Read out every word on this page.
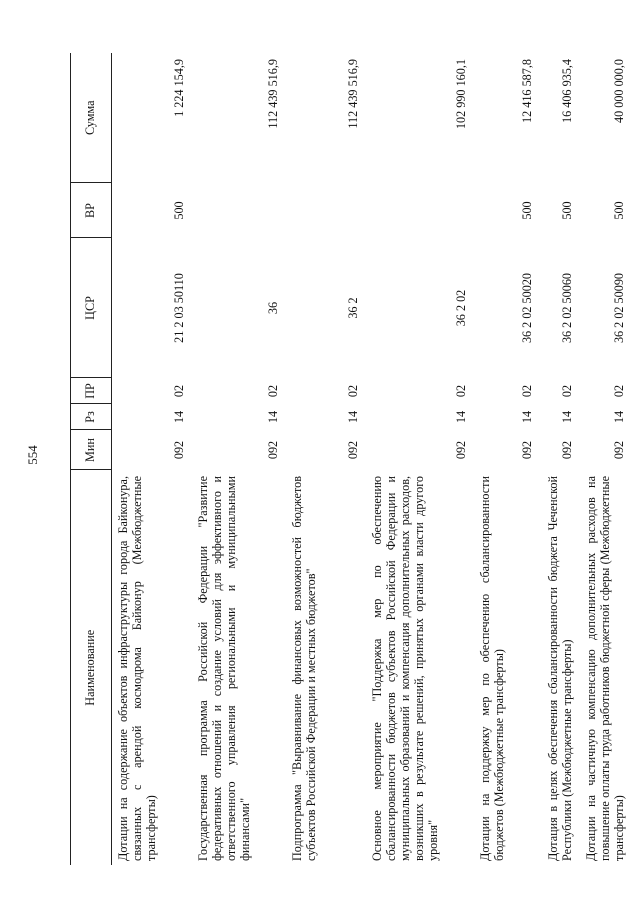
554
Наименование	Мин	Рз	ПР	ЦСР	ВР	Сумма
Дотации на содержание объектов инфраструктуры города Байконура, связанных с арендой космодрома Байконур (Межбюджетные трансферты)	092	14	02	21 2 03 50110	500	1 224 154,9
Государственная программа Российской Федерации "Развитие федеративных отношений и создание условий для эффективного и ответственного управления региональными и муниципальными финансами"	092	14	02	36		112 439 516,9
Подпрограмма "Выравнивание финансовых возможностей бюджетов субъектов Российской Федерации и местных бюджетов"	092	14	02	36 2		112 439 516,9
Основное мероприятие "Поддержка мер по обеспечению сбалансированности бюджетов субъектов Российской Федерации и муниципальных образований и компенсация дополнительных расходов, возникших в результате решений, принятых органами власти другого уровня"	092	14	02	36 2 02		102 990 160,1
Дотации на поддержку мер по обеспечению сбалансированности бюджетов (Межбюджетные трансферты)	092	14	02	36 2 02 50020	500	12 416 587,8
Дотация в целях обеспечения сбалансированности бюджета Чеченской Республики (Межбюджетные трансферты)	092	14	02	36 2 02 50060	500	16 406 935,4
Дотации на частичную компенсацию дополнительных расходов на повышение оплаты труда работников бюджетной сферы (Межбюджетные трансферты)	092	14	02	36 2 02 50090	500	40 000 000,0
